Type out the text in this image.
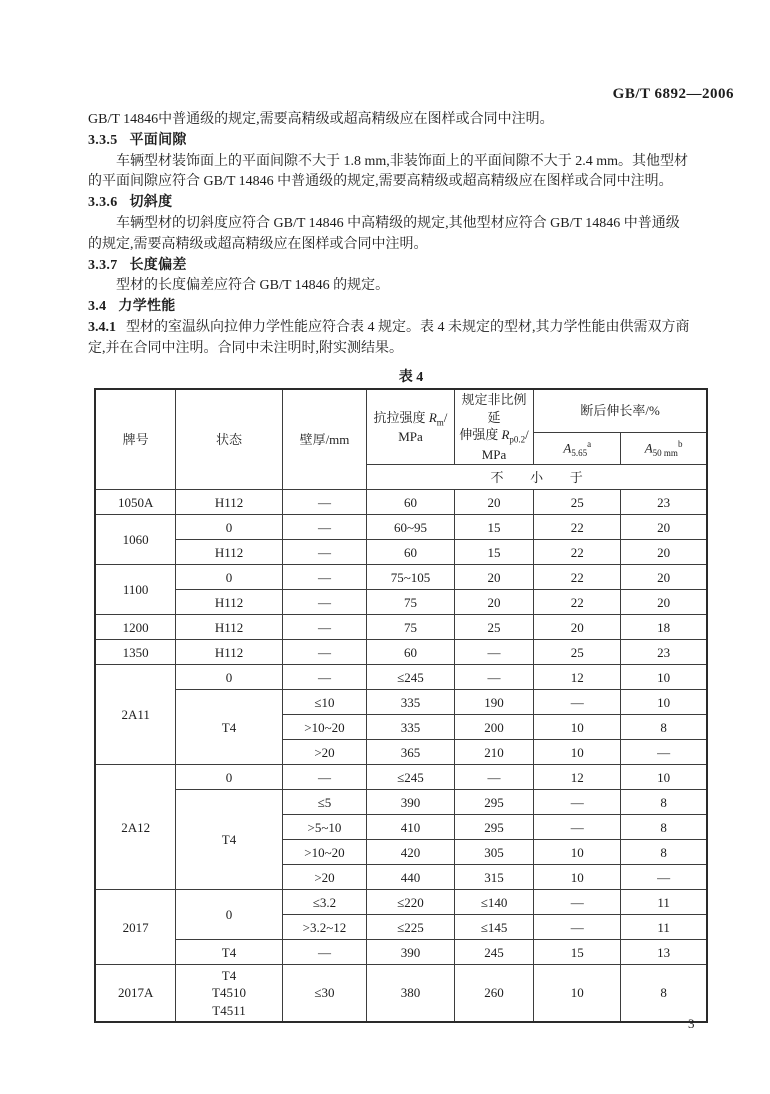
GB/T 6892—2006
GB/T 14846中普通级的规定,需要高精级或超高精级应在图样或合同中注明。
3.3.5 平面间隙
车辆型材装饰面上的平面间隙不大于 1.8 mm,非装饰面上的平面间隙不大于 2.4 mm。其他型材
的平面间隙应符合 GB/T 14846 中普通级的规定,需要高精级或超高精级应在图样或合同中注明。
3.3.6 切斜度
车辆型材的切斜度应符合 GB/T 14846 中高精级的规定,其他型材应符合 GB/T 14846 中普通级
的规定,需要高精级或超高精级应在图样或合同中注明。
3.3.7 长度偏差
型材的长度偏差应符合 GB/T 14846 的规定。
3.4 力学性能
3.4.1 型材的室温纵向拉伸力学性能应符合表 4 规定。表 4 未规定的型材,其力学性能由供需双方商
定,并在合同中注明。合同中未注明时,附实测结果。
表 4
牌号	状态	壁厚/mm	抗拉强度 $R_m/$
MPa	规定非比例延
伸强度 $R_{p0.2}/$
MPa	断后伸长率/%	
					$A_{5.65}^a$	$A_{50 mm}^b$
			不 小 于			
1050A	H112	—	60	20	25	23
1060	0	—	60~95	15	22	20
	H112	—	60	15	22	20
1100	0	—	75~105	20	22	20
	H112	—	75	20	22	20
1200	H112	—	75	25	20	18
1350	H112	—	60	—	25	23
2A11	0	—	≤245	—	12	10
	T4	≤10	335	190	—	10
		>10~20	335	200	10	8
		>20	365	210	10	—
2A12	0	—	≤245	—	12	10
	T4	≤5	390	295	—	8
		>5~10	410	295	—	8
		>10~20	420	305	10	8
		>20	440	315	10	—
2017	0	≤3.2	≤220	≤140	—	11
		>3.2~12	≤225	≤145	—	11
	T4	—	390	245	15	13
2017A	T4
T4510
T4511	≤30	380	260	10	8
3
